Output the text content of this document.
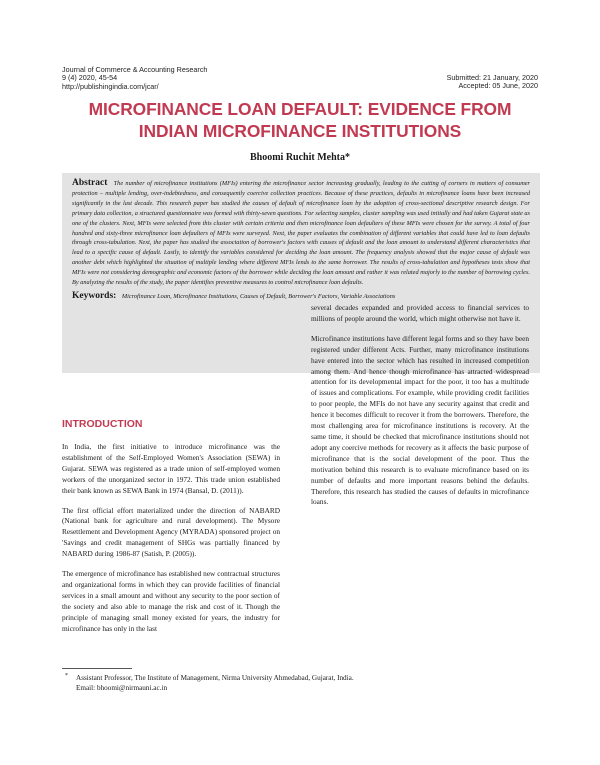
Journal of Commerce & Accounting Research
9 (4) 2020, 45-54
http://publishingindia.com/jcar/
Submitted: 21 January, 2020
Accepted: 05 June, 2020
MICROFINANCE LOAN DEFAULT: EVIDENCE FROM
INDIAN MICROFINANCE INSTITUTIONS
Bhoomi Ruchit Mehta*

Abstract The number of microfinance institutions (MFIs) entering the microfinance sector increasing gradually, leading to the cutting of corners in matters of consumer protection – multiple lending, over-indebtedness, and consequently coercive collection practices. Because of these practices, defaults in microfinance loans have been increased significantly in the last decade. This research paper has studied the causes of default of microfinance loan by the adoption of cross-sectional descriptive research design. For primary data collection, a structured questionnaire was formed with thirty-seven questions. For selecting samples, cluster sampling was used initially and had taken Gujarat state as one of the clusters. Next, MFIs were selected from this cluster with certain criteria and then microfinance loan defaulters of these MFIs were chosen for the survey. A total of four hundred and sixty-three microfinance loan defaulters of MFIs were surveyed. Next, the paper evaluates the combination of different variables that could have led to loan defaults through cross-tabulation. Next, the paper has studied the association of borrower's factors with causes of default and the loan amount to understand different characteristics that lead to a specific cause of default. Lastly, to identify the variables considered for deciding the loan amount. The frequency analysis showed that the major cause of default was another debt which highlighted the situation of multiple lending where different MFIs lends to the same borrower. The results of cross-tabulation and hypotheses tests show that MFIs were not considering demographic and economic factors of the borrower while deciding the loan amount and rather it was related majorly to the number of borrowing cycles. By analyzing the results of the study, the paper identifies preventive measures to control microfinance loan defaults.

Keywords: Microfinance Loan, Microfinance Institutions, Causes of Default, Borrower's Factors, Variable Associations
INTRODUCTION

In India, the first initiative to introduce microfinance was the establishment of the Self-Employed Women's Association (SEWA) in Gujarat. SEWA was registered as a trade union of self-employed women workers of the unorganized sector in 1972. This trade union established their bank known as SEWA Bank in 1974 (Bansal, D. (2011)).

The first official effort materialized under the direction of NABARD (National bank for agriculture and rural development). The Mysore Resettlement and Development Agency (MYRADA) sponsored project on 'Savings and credit management of SHGs was partially financed by NABARD during 1986-87 (Satish, P. (2005)).

The emergence of microfinance has established new contractual structures and organizational forms in which they can provide facilities of financial services in a small amount and without any security to the poor section of the society and also able to manage the risk and cost of it. Though the principle of managing small money existed for years, the industry for microfinance has only in the last

several decades expanded and provided access to financial services to millions of people around the world, which might otherwise not have it.

Microfinance institutions have different legal forms and so they have been registered under different Acts. Further, many microfinance institutions have entered into the sector which has resulted in increased competition among them. And hence though microfinance has attracted widespread attention for its developmental impact for the poor, it too has a multitude of issues and complications. For example, while providing credit facilities to poor people, the MFIs do not have any security against that credit and hence it becomes difficult to recover it from the borrowers. Therefore, the most challenging area for microfinance institutions is recovery. At the same time, it should be checked that microfinance institutions should not adopt any coercive methods for recovery as it affects the basic purpose of microfinance that is the social development of the poor. Thus the motivation behind this research is to evaluate microfinance based on its number of defaults and more important reasons behind the defaults. Therefore, this research has studied the causes of defaults in microfinance loans.

* Assistant Professor, The Institute of Management, Nirma University Ahmedabad, Gujarat, India.
Email: bhoomi@nirmauni.ac.in
